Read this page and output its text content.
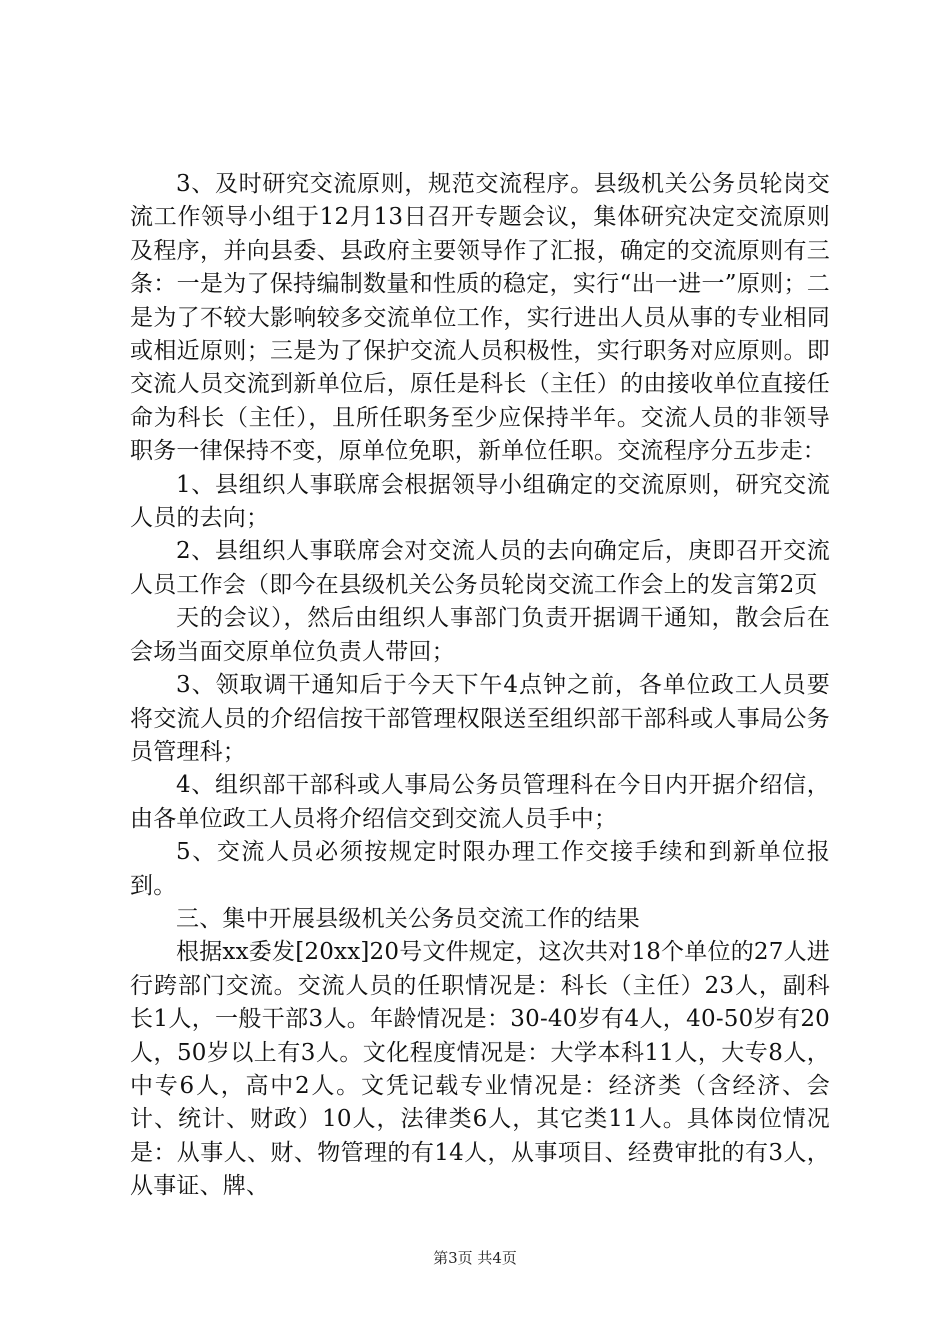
3、及时研究交流原则，规范交流程序。县级机关公务员轮岗交流工作领导小组于12月13日召开专题会议，集体研究决定交流原则及程序，并向县委、县政府主要领导作了汇报，确定的交流原则有三条：一是为了保持编制数量和性质的稳定，实行“出一进一”原则；二是为了不较大影响较多交流单位工作，实行进出人员从事的专业相同或相近原则；三是为了保护交流人员积极性，实行职务对应原则。即交流人员交流到新单位后，原任是科长（主任）的由接收单位直接任命为科长（主任），且所任职务至少应保持半年。交流人员的非领导职务一律保持不变，原单位免职，新单位任职。交流程序分五步走：

1、县组织人事联席会根据领导小组确定的交流原则，研究交流人员的去向；

2、县组织人事联席会对交流人员的去向确定后，庚即召开交流人员工作会（即今在县级机关公务员轮岗交流工作会上的发言第2页

天的会议），然后由组织人事部门负责开据调干通知，散会后在会场当面交原单位负责人带回；

3、领取调干通知后于今天下午4点钟之前，各单位政工人员要将交流人员的介绍信按干部管理权限送至组织部干部科或人事局公务员管理科；

4、组织部干部科或人事局公务员管理科在今日内开据介绍信，由各单位政工人员将介绍信交到交流人员手中；

5、交流人员必须按规定时限办理工作交接手续和到新单位报到。

三、集中开展县级机关公务员交流工作的结果

根据xx委发[20xx]20号文件规定，这次共对18个单位的27人进行跨部门交流。交流人员的任职情况是：科长（主任）23人，副科长1人，一般干部3人。年龄情况是：30-40岁有4人，40-50岁有20人，50岁以上有3人。文化程度情况是：大学本科11人，大专8人，中专6人，高中2人。文凭记载专业情况是：经济类（含经济、会计、统计、财政）10人，法律类6人，其它类11人。具体岗位情况是：从事人、财、物管理的有14人，从事项目、经费审批的有3人，从事证、牌、

第3页 共4页
